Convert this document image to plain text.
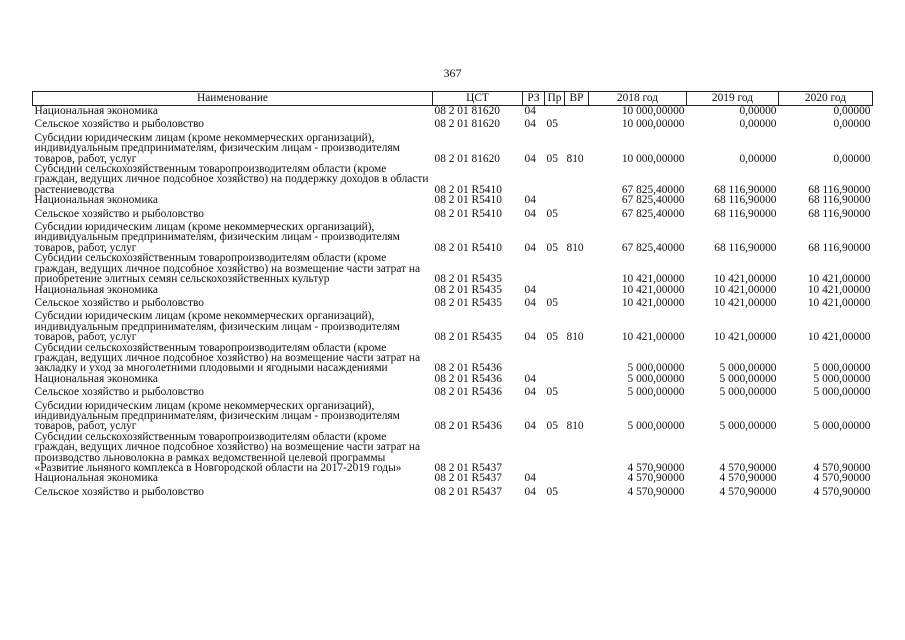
367
Наименование	ЦСТ	РЗ	Пр	ВР	2018 год	2019 год	2020 год
Национальная экономика	08 2 01 81620	04			10 000,00000	0,00000	0,00000
Сельское хозяйство и рыболовство	08 2 01 81620	04	05		10 000,00000	0,00000	0,00000
Субсидии юридическим лицам (кроме некоммерческих организаций), индивидуальным предпринимателям, физическим лицам - производителям товаров, работ, услуг	08 2 01 81620	04	05	810	10 000,00000	0,00000	0,00000
Субсидии сельскохозяйственным товаропроизводителям области (кроме граждан, ведущих личное подсобное хозяйство) на поддержку доходов в области растениеводства	08 2 01 R5410				67 825,40000	68 116,90000	68 116,90000
Национальная экономика	08 2 01 R5410	04			67 825,40000	68 116,90000	68 116,90000
Сельское хозяйство и рыболовство	08 2 01 R5410	04	05		67 825,40000	68 116,90000	68 116,90000
Субсидии юридическим лицам (кроме некоммерческих организаций), индивидуальным предпринимателям, физическим лицам - производителям товаров, работ, услуг	08 2 01 R5410	04	05	810	67 825,40000	68 116,90000	68 116,90000
Субсидии сельскохозяйственным товаропроизводителям области (кроме граждан, ведущих личное подсобное хозяйство) на возмещение части затрат на приобретение элитных семян сельскохозяйственных культур	08 2 01 R5435				10 421,00000	10 421,00000	10 421,00000
Национальная экономика	08 2 01 R5435	04			10 421,00000	10 421,00000	10 421,00000
Сельское хозяйство и рыболовство	08 2 01 R5435	04	05		10 421,00000	10 421,00000	10 421,00000
Субсидии юридическим лицам (кроме некоммерческих организаций), индивидуальным предпринимателям, физическим лицам - производителям товаров, работ, услуг	08 2 01 R5435	04	05	810	10 421,00000	10 421,00000	10 421,00000
Субсидии сельскохозяйственным товаропроизводителям области (кроме граждан, ведущих личное подсобное хозяйство) на возмещение части затрат на закладку и уход за многолетними плодовыми и ягодными насаждениями	08 2 01 R5436				5 000,00000	5 000,00000	5 000,00000
Национальная экономика	08 2 01 R5436	04			5 000,00000	5 000,00000	5 000,00000
Сельское хозяйство и рыболовство	08 2 01 R5436	04	05		5 000,00000	5 000,00000	5 000,00000
Субсидии юридическим лицам (кроме некоммерческих организаций), индивидуальным предпринимателям, физическим лицам - производителям товаров, работ, услуг	08 2 01 R5436	04	05	810	5 000,00000	5 000,00000	5 000,00000
Субсидии сельскохозяйственным товаропроизводителям области (кроме граждан, ведущих личное подсобное хозяйство) на возмещение части затрат на производство льноволокна в рамках ведомственной целевой программы «Развитие льняного комплекса в Новгородской области на 2017-2019 годы»	08 2 01 R5437				4 570,90000	4 570,90000	4 570,90000
Национальная экономика	08 2 01 R5437	04			4 570,90000	4 570,90000	4 570,90000
Сельское хозяйство и рыболовство	08 2 01 R5437	04	05		4 570,90000	4 570,90000	4 570,90000
